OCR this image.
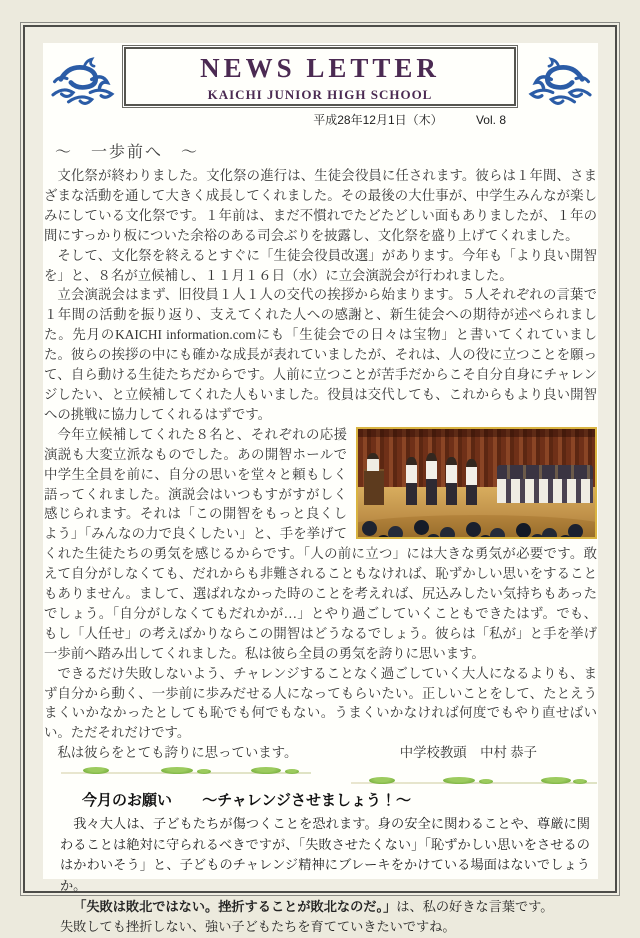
NEWS LETTER
KAICHI JUNIOR HIGH SCHOOL
平成28年12月1日（木）	Vol. 8
～　一歩前へ　～

文化祭が終わりました。文化祭の進行は、生徒会役員に任されます。彼らは１年間、さまざまな活動を通して大きく成長してくれました。その最後の大仕事が、中学生みんなが楽しみにしている文化祭です。１年前は、まだ不慣れでたどたどしい面もありましたが、１年の間にすっかり板についた余裕のある司会ぶりを披露し、文化祭を盛り上げてくれました。

そして、文化祭を終えるとすぐに「生徒会役員改選」があります。今年も「より良い開智を」と、８名が立候補し、１１月１６日（水）に立会演説会が行われました。

立会演説会はまず、旧役員１人１人の交代の挨拶から始まります。５人それぞれの言葉で１年間の活動を振り返り、支えてくれた人への感謝と、新生徒会への期待が述べられました。先月のKAICHI information.comにも「生徒会での日々は宝物」と書いてくれていました。彼らの挨拶の中にも確かな成長が表れていましたが、それは、人の役に立つことを願って、自ら動ける生徒たちだからです。人前に立つことが苦手だからこそ自分自身にチャレンジしたい、と立候補してくれた人もいました。役員は交代しても、これからもより良い開智への挑戦に協力してくれるはずです。

今年立候補してくれた８名と、それぞれの応援演説も大変立派なものでした。あの開智ホールで中学生全員を前に、自分の思いを堂々と頼もしく語ってくれました。演説会はいつもすがすがしく感じられます。それは「この開智をもっと良くしよう」「みんなの力で良くしたい」と、手を挙げてくれた生徒たちの勇気を感じるからです。「人の前に立つ」には大きな勇気が必要です。敢えて自分がしなくても、だれからも非難されることもなければ、恥ずかしい思いをすることもありません。まして、選ばれなかった時のことを考えれば、尻込みしたい気持ちもあったでしょう。「自分がしなくてもだれかが…」とやり過ごしていくこともできたはず。でも、もし「人任せ」の考えばかりならこの開智はどうなるでしょう。彼らは「私が」と手を挙げ一歩前へ踏み出してくれました。私は彼ら全員の勇気を誇りに思います。

できるだけ失敗しないよう、チャレンジすることなく過ごしていく大人になるよりも、まず自分から動く、一歩前に歩みだせる人になってもらいたい。正しいことをして、たとえうまくいかなかったとしても恥でも何でもない。うまくいかなければ何度でもやり直せばいい。ただそれだけです。

私は彼らをとても誇りに思っています。	中学校教頭　中村 恭子

今月のお願い ～チャレンジさせましょう！～

我々大人は、子どもたちが傷つくことを恐れます。身の安全に関わることや、尊厳に関わることは絶対に守られるべきですが、「失敗させたくない」「恥ずかしい思いをさせるのはかわいそう」と、子どものチャレンジ精神にブレーキをかけている場面はないでしょうか。

「失敗は敗北ではない。挫折することが敗北なのだ。」は、私の好きな言葉です。

失敗しても挫折しない、強い子どもたちを育てていきたいですね。
